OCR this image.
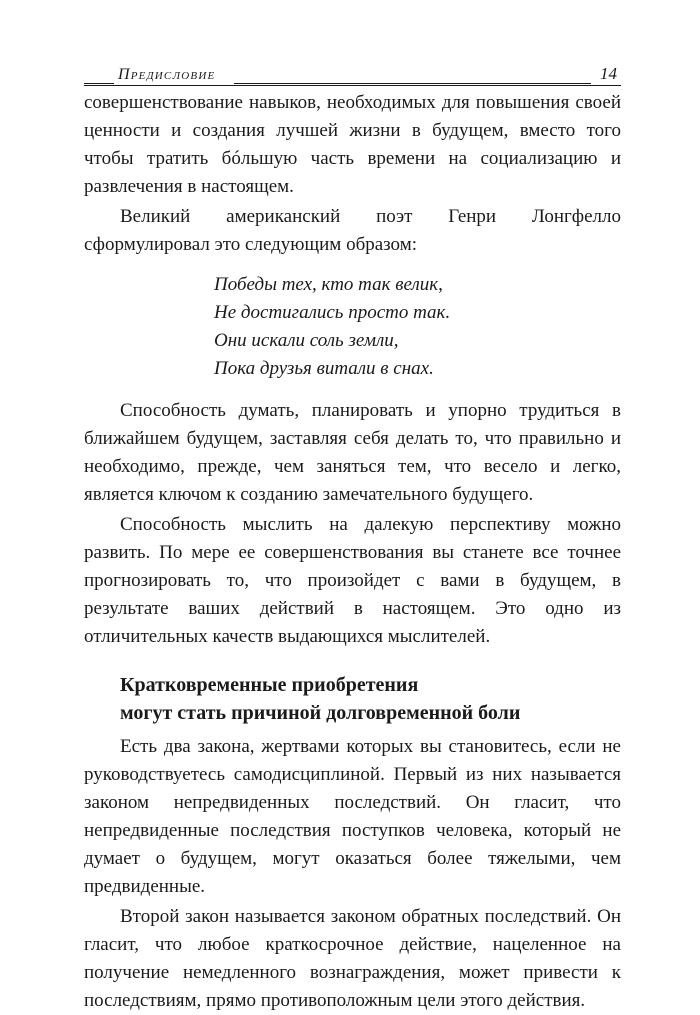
Предисловие	14

совершенствование навыков, необходимых для повышения своей ценности и создания лучшей жизни в будущем, вместо того чтобы тратить бóльшую часть времени на социализацию и развлечения в настоящем.

Великий американский поэт Генри Лонгфелло сформулировал это следующим образом:

Победы тех, кто так велик,
Не достигались просто так.
Они искали соль земли,
Пока друзья витали в снах.

Способность думать, планировать и упорно трудиться в ближайшем будущем, заставляя себя делать то, что правильно и необходимо, прежде, чем заняться тем, что весело и легко, является ключом к созданию замечательного будущего.

Способность мыслить на далекую перспективу можно развить. По мере ее совершенствования вы станете все точнее прогнозировать то, что произойдет с вами в будущем, в результате ваших действий в настоящем. Это одно из отличительных качеств выдающихся мыслителей.

Кратковременные приобретения
могут стать причиной долговременной боли

Есть два закона, жертвами которых вы становитесь, если не руководствуетесь самодисциплиной. Первый из них называется законом непредвиденных последствий. Он гласит, что непредвиденные последствия поступков человека, который не думает о будущем, могут оказаться более тяжелыми, чем предвиденные.

Второй закон называется законом обратных последствий. Он гласит, что любое краткосрочное действие, нацеленное на получение немедленного вознаграждения, может привести к последствиям, прямо противоположным цели этого действия.
